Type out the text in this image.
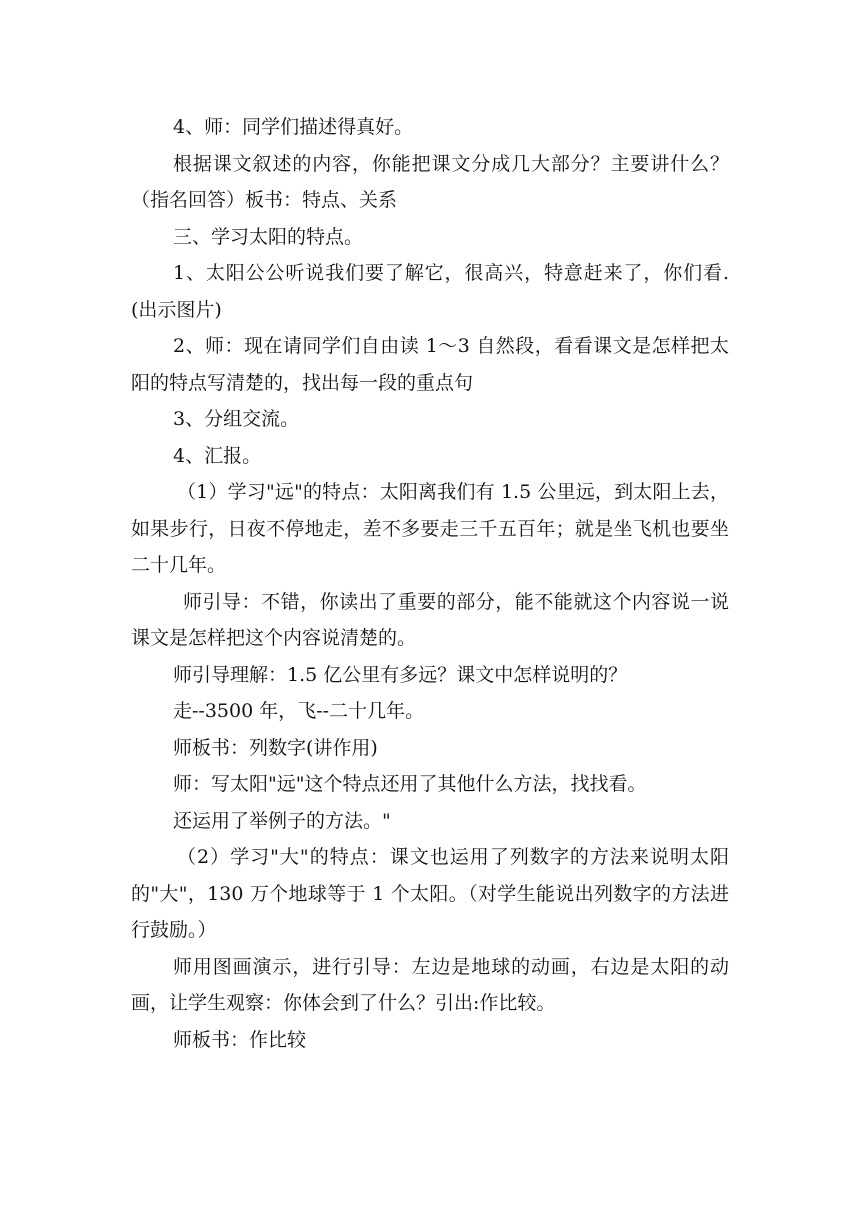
4、师：同学们描述得真好。

根据课文叙述的内容，你能把课文分成几大部分？主要讲什么？（指名回答）板书：特点、关系

三、学习太阳的特点。

1、太阳公公听说我们要了解它，很高兴，特意赶来了，你们看.(出示图片)

2、师：现在请同学们自由读 1～3 自然段，看看课文是怎样把太阳的特点写清楚的，找出每一段的重点句

3、分组交流。

4、汇报。

（1）学习"远"的特点：太阳离我们有 1.5 公里远，到太阳上去，如果步行，日夜不停地走，差不多要走三千五百年；就是坐飞机也要坐二十几年。

师引导：不错，你读出了重要的部分，能不能就这个内容说一说课文是怎样把这个内容说清楚的。

师引导理解：1.5 亿公里有多远？课文中怎样说明的？

走--3500 年，飞--二十几年。

师板书：列数字(讲作用)

师：写太阳"远"这个特点还用了其他什么方法，找找看。

还运用了举例子的方法。"

（2）学习"大"的特点：课文也运用了列数字的方法来说明太阳的"大"，130 万个地球等于 1 个太阳。（对学生能说出列数字的方法进行鼓励。）

师用图画演示，进行引导：左边是地球的动画，右边是太阳的动画，让学生观察：你体会到了什么？引出:作比较。

师板书：作比较
